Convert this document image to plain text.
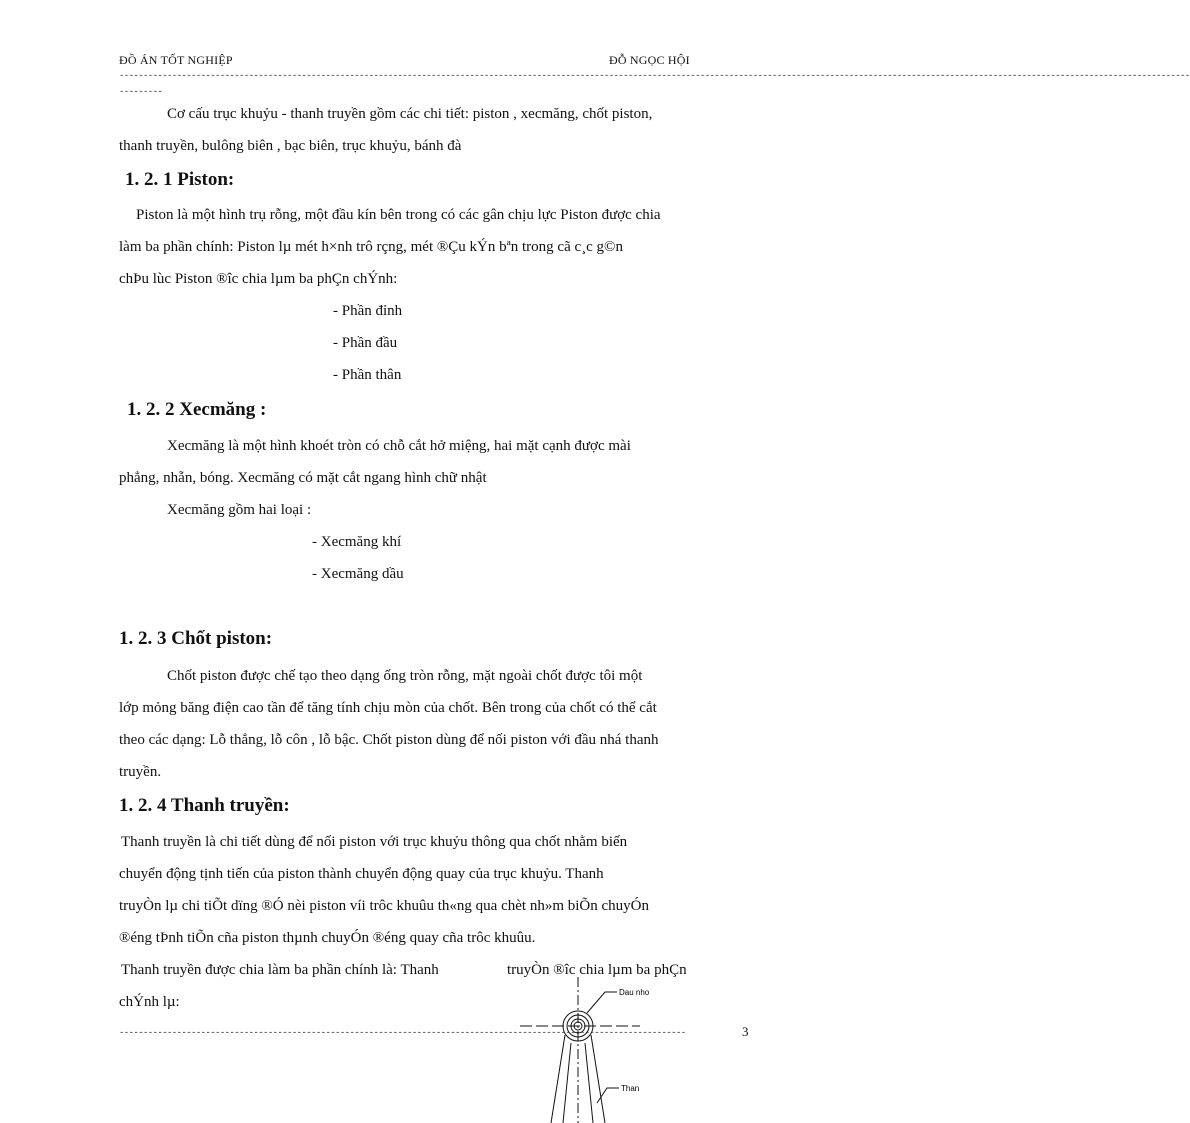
ĐỒ ÁN TỐT NGHIỆP	ĐỖ NGỌC HỘI
-------------------------------------------------------------------------------------------------------------------------------------------------------------------------------------------------------------------------------
---------
Cơ cấu trục khuỷu - thanh truyền gồm các chi tiết: piston , xecmăng, chốt piston,
thanh truyền, bulông biên , bạc biên, trục khuỷu, bánh đà
1. 2. 1 Piston:
Piston là một hình trụ rỗng, một đầu kín bên trong có các gân chịu lực Piston được chia
làm ba phần chính: Piston lµ mét h×nh trô rçng, mét ®Çu kÝn bªn trong cã c¸c g©n
chÞu lùc Piston ®îc chia lµm ba phÇn chÝnh:
- Phần đỉnh
- Phần đầu
- Phần thân
1. 2. 2 Xecmăng :
Xecmăng là một hình khoét tròn có chỗ cắt hở miệng, hai mặt cạnh được mài
phẳng, nhẵn, bóng. Xecmăng có mặt cắt ngang hình chữ nhật
Xecmăng gồm hai loại :
- Xecmăng khí
- Xecmăng dầu
1. 2. 3 Chốt piston:
Chốt piston được chế tạo theo dạng ống tròn rỗng, mặt ngoài chốt được tôi một
lớp mỏng băng điện cao tần để tăng tính chịu mòn của chốt. Bên trong của chốt có thể cắt
theo các dạng: Lỗ thẳng, lỗ côn , lỗ bậc. Chốt piston dùng để nối piston với đầu nhá thanh
truyền.
1. 2. 4 Thanh truyền:
Thanh truyền là chi tiết dùng để nối piston với trục khuỷu thông qua chốt nhằm biến
chuyển động tịnh tiến của piston thành chuyển động quay của trục khuỷu. Thanh
truyÒn lµ chi tiÕt dïng ®Ó nèi piston víi trôc khuûu th«ng qua chèt nh»m biÕn chuyÓn
®éng tÞnh tiÕn cña piston thµnh chuyÓn ®éng quay cña trôc khuûu.
Thanh truyền được chia làm ba phần chính là: Thanh	truyÒn ®îc chia lµm ba phÇn
chÝnh lµ:
Dau nho
Than
-------------------------------------------------------------------------------------------------------------------- --	3
